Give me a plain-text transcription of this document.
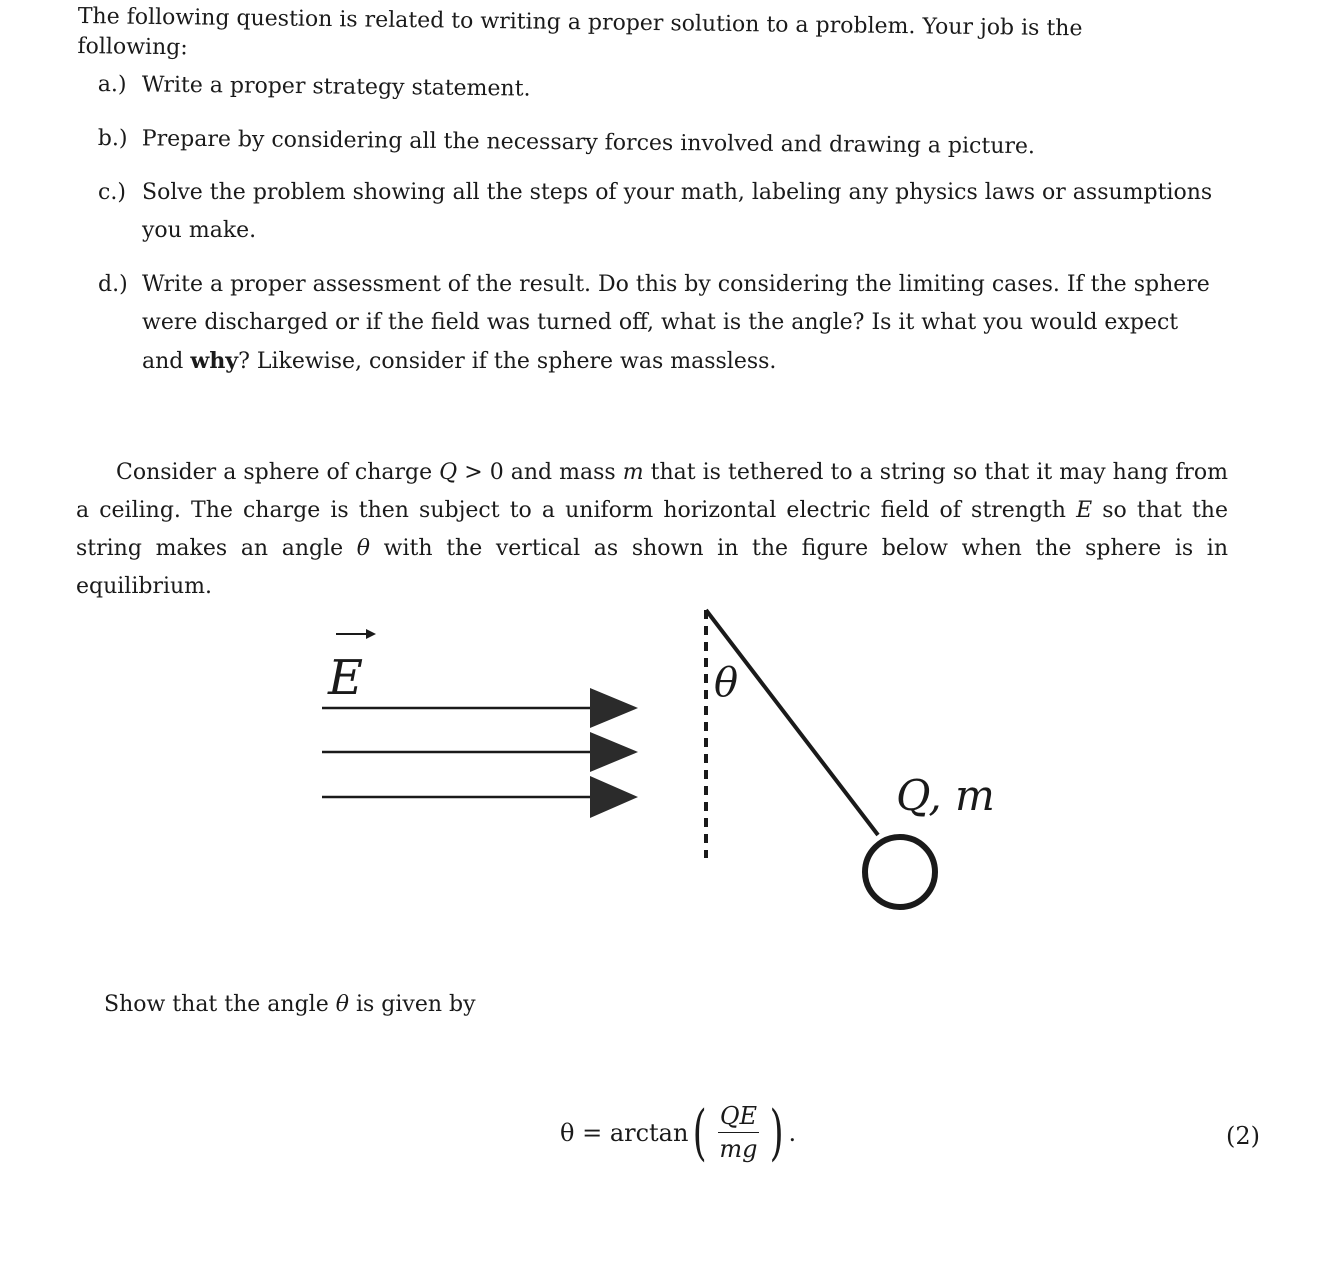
The following question is related to writing a proper solution to a problem. Your job is the following:
a.) Write a proper strategy statement.
b.) Prepare by considering all the necessary forces involved and drawing a picture.
c.) Solve the problem showing all the steps of your math, labeling any physics laws or assumptions you make.
d.) Write a proper assessment of the result. Do this by considering the limiting cases. If the sphere were discharged or if the field was turned off, what is the angle? Is it what you would expect and why? Likewise, consider if the sphere was massless.

Consider a sphere of charge Q > 0 and mass m that is tethered to a string so that it may hang from a ceiling. The charge is then subject to a uniform horizontal electric field of strength E so that the string makes an angle θ with the vertical as shown in the figure below when the sphere is in equilibrium.

E	θ
Q, m
Show that the angle θ is given by
θ = arctan ( $\frac{QE}{mg}$ ) .	(2)
